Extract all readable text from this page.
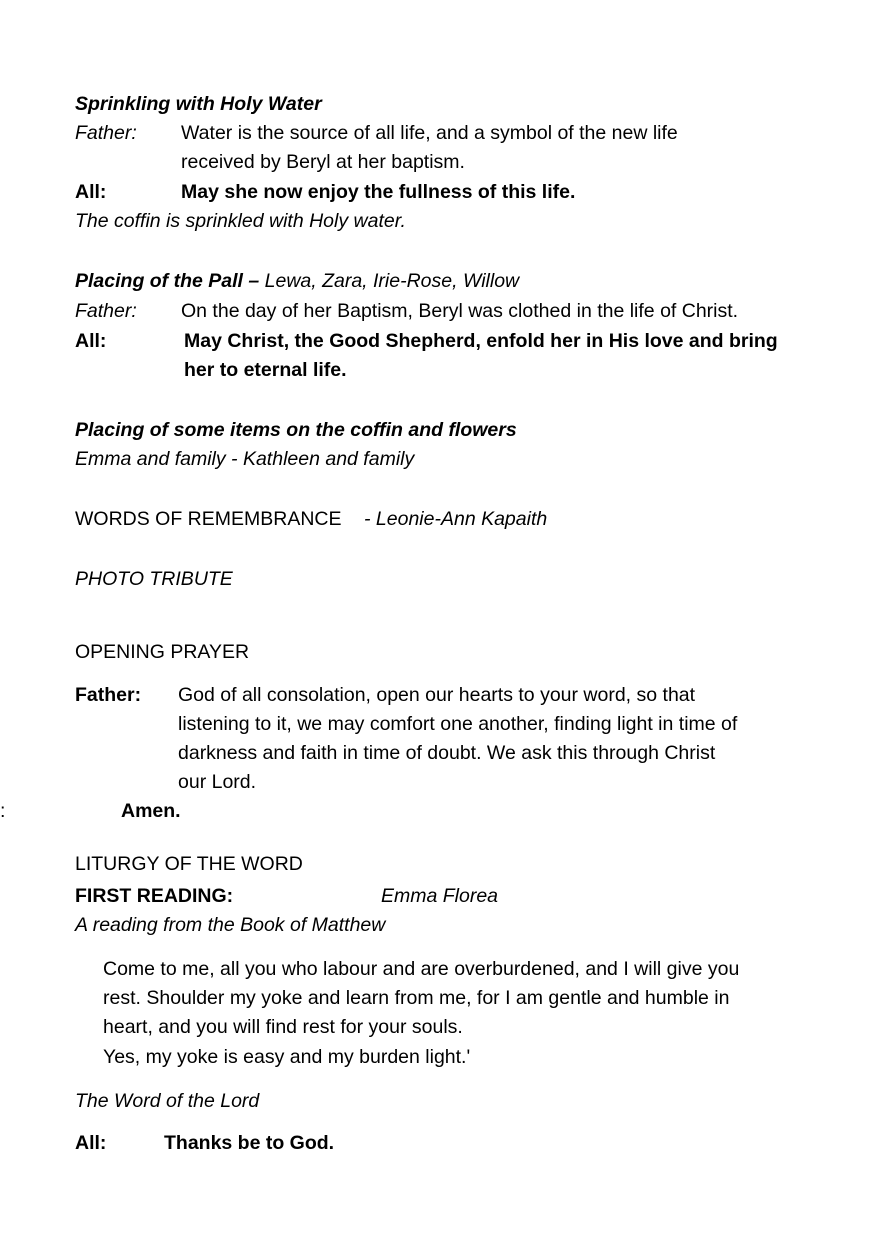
Sprinkling with Holy Water
Father: Water is the source of all life, and a symbol of the new life
received by Beryl at her baptism.
All:	May she now enjoy the fullness of this life.
The coffin is sprinkled with Holy water.
Placing of the Pall – Lewa, Zara, Irie-Rose, Willow
Father: On the day of her Baptism, Beryl was clothed in the life of Christ.
All:	May Christ, the Good Shepherd, enfold her in His love and bring
her to eternal life.
Placing of some items on the coffin and flowers
Emma and family - Kathleen and family
WORDS OF REMEMBRANCE - Leonie-Ann Kapaith
PHOTO TRIBUTE
OPENING PRAYER
Father: God of all consolation, open our hearts to your word, so that
listening to it, we may comfort one another, finding light in time of
darkness and faith in time of doubt. We ask this through Christ
our Lord.
:	Amen.
LITURGY OF THE WORD
FIRST READING:	Emma Florea
A reading from the Book of Matthew
Come to me, all you who labour and are overburdened, and I will give you
rest. Shoulder my yoke and learn from me, for I am gentle and humble in
heart, and you will find rest for your souls.
Yes, my yoke is easy and my burden light.'
The Word of the Lord
All:	Thanks be to God.
